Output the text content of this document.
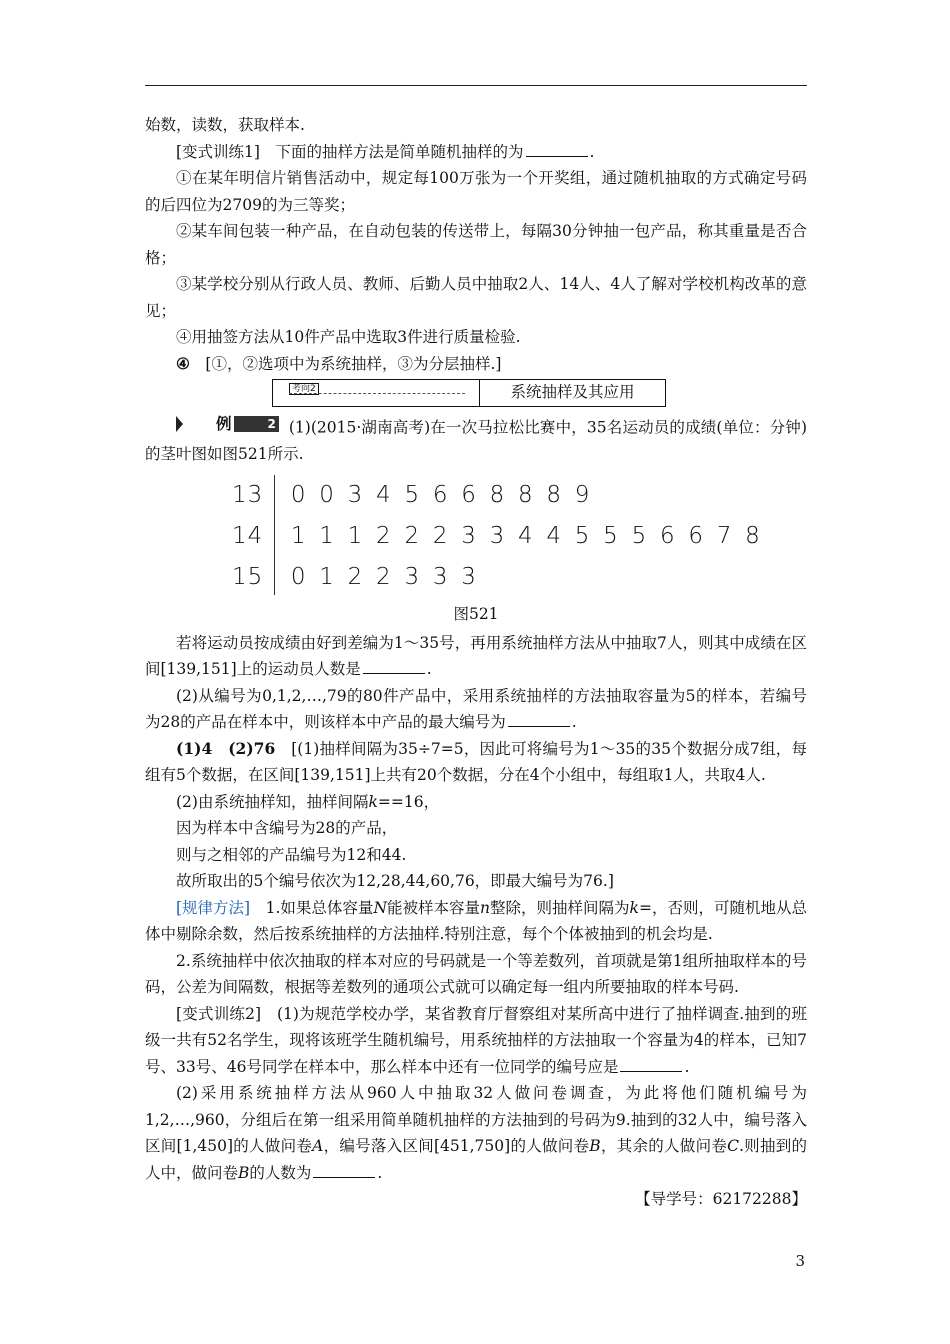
始数，读数，获取样本.

[变式训练1]　 下面的抽样方法是简单随机抽样的为	.

①在某年明信片销售活动中，规定每100万张为一个开奖组，通过随机抽取的方式确定号码的后四位为2709的为三等奖；

②某车间包装一种产品，在自动包装的传送带上，每隔30分钟抽一包产品，称其重量是否合格；

③某学校分别从行政人员、教师、后勤人员中抽取2人、14人、4人了解对学校机构改革的意见；

④用抽签方法从10件产品中选取3件进行质量检验.

④　 [①，②选项中为系统抽样，③为分层抽样.]

考向2	系统抽样及其应用

例	2 (1)(2015·湖南高考)在一次马拉松比赛中，35名运动员的成绩(单位：分钟)的茎叶图如图521所示.

13	0 0 3 4 5 6 6 8 8 8 9
14	1 1 1 2 2 2 3 3 4 4 5 5 5 6 6 7 8
15	0 1 2 2 3 3 3

图521

若将运动员按成绩由好到差编为1～35号，再用系统抽样方法从中抽取7人，则其中成绩在区间[139,151]上的运动员人数是	.

(2)从编号为0,1,2,…,79的80件产品中，采用系统抽样的方法抽取容量为5的样本，若编号为28的产品在样本中，则该样本中产品的最大编号为	.

(1)4　(2)76　 [(1)抽样间隔为35÷7=5，因此可将编号为1～35的35个数据分成7组，每组有5个数据，在区间[139,151]上共有20个数据，分在4个小组中，每组取1人，共取4人.

(2)由系统抽样知，抽样间隔k==16，

因为样本中含编号为28的产品，

则与之相邻的产品编号为12和44.

故所取出的5个编号依次为12,28,44,60,76，即最大编号为76.]

[规律方法]　 1.如果总体容量N能被样本容量n整除，则抽样间隔为k=，否则，可随机地从总体中剔除余数，然后按系统抽样的方法抽样.特别注意，每个个体被抽到的机会均是.

2.系统抽样中依次抽取的样本对应的号码就是一个等差数列，首项就是第1组所抽取样本的号码，公差为间隔数，根据等差数列的通项公式就可以确定每一组内所要抽取的样本号码.

[变式训练2]　 (1)为规范学校办学，某省教育厅督察组对某所高中进行了抽样调查.抽到的班级一共有52名学生，现将该班学生随机编号，用系统抽样的方法抽取一个容量为4的样本，已知7号、33号、46号同学在样本中，那么样本中还有一位同学的编号应是	.

(2)采用系统抽样方法从960人中抽取32人做问卷调查，为此将他们随机编号为1,2,…,960，分组后在第一组采用简单随机抽样的方法抽到的号码为9.抽到的32人中，编号落入区间[1,450]的人做问卷A，编号落入区间[451,750]的人做问卷B，其余的人做问卷C.则抽到的人中，做问卷B的人数为	.

【导学号：62172288】

3
